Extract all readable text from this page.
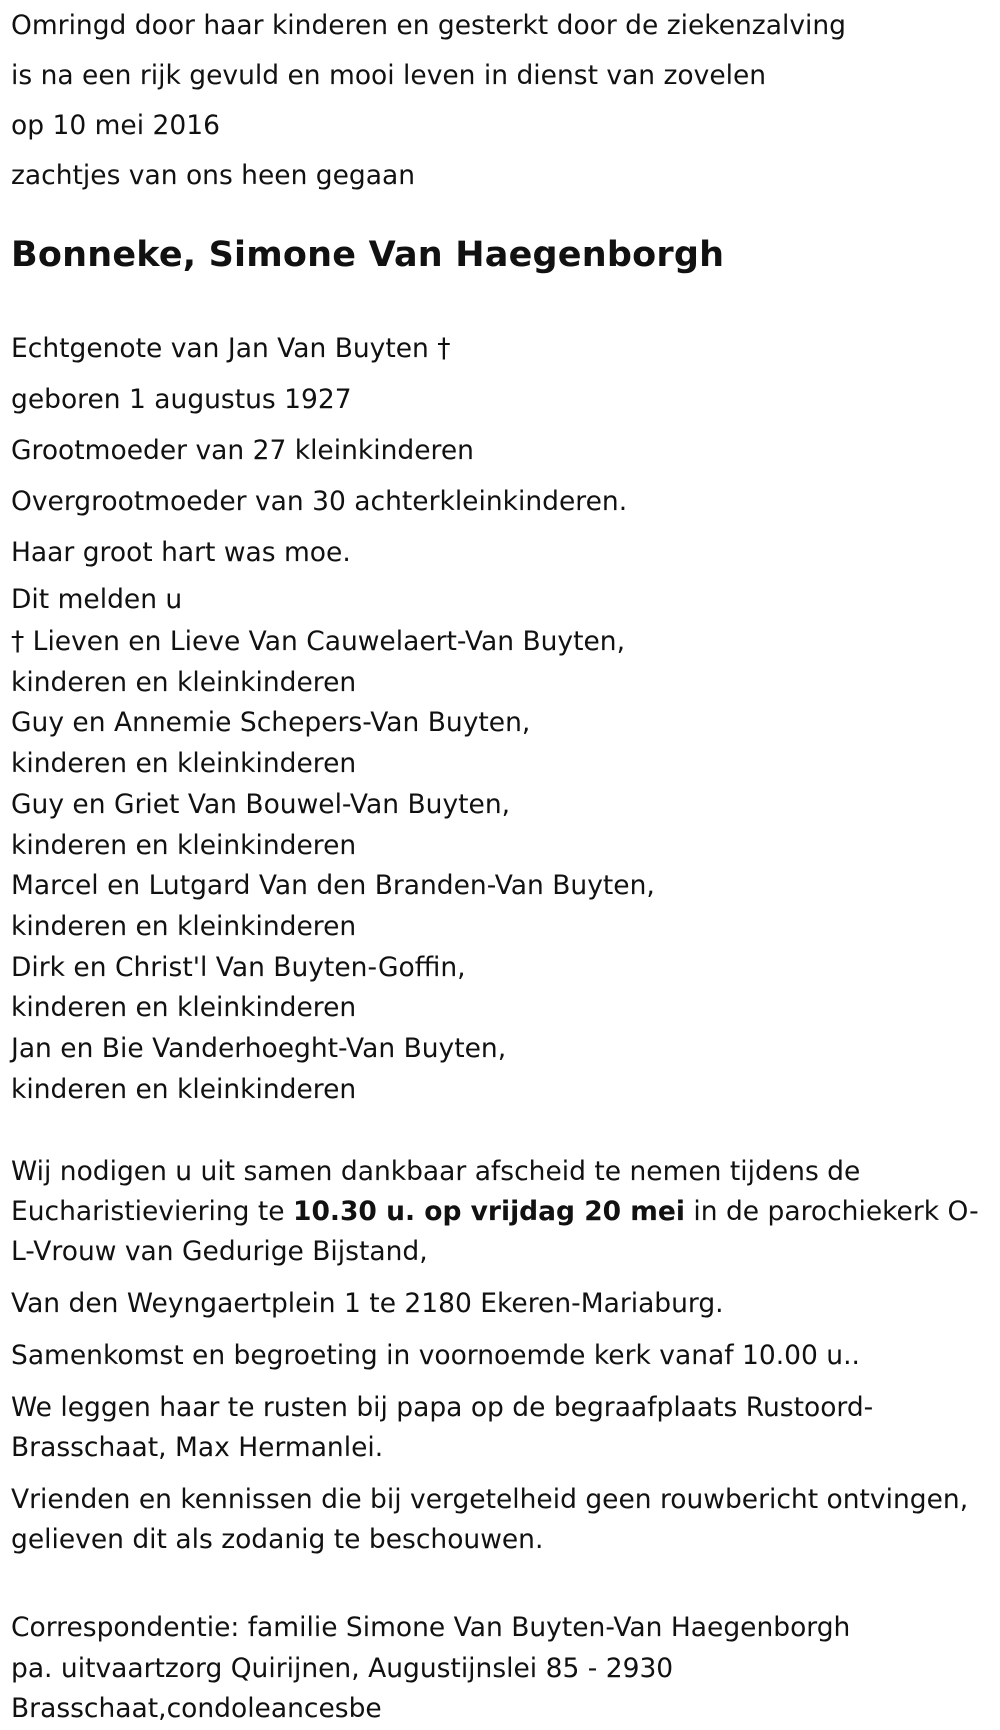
Omringd door haar kinderen en gesterkt door de ziekenzalving
is na een rijk gevuld en mooi leven in dienst van zovelen
op 10 mei 2016
zachtjes van ons heen gegaan
Bonneke, Simone Van Haegenborgh
Echtgenote van Jan Van Buyten †
geboren 1 augustus 1927
Grootmoeder van 27 kleinkinderen
Overgrootmoeder van 30 achterkleinkinderen.
Haar groot hart was moe.
Dit melden u
† Lieven en Lieve Van Cauwelaert-Van Buyten,
kinderen en kleinkinderen
Guy en Annemie Schepers-Van Buyten,
kinderen en kleinkinderen
Guy en Griet Van Bouwel-Van Buyten,
kinderen en kleinkinderen
Marcel en Lutgard Van den Branden-Van Buyten,
kinderen en kleinkinderen
Dirk en Christ'l Van Buyten-Goffin,
kinderen en kleinkinderen
Jan en Bie Vanderhoeght-Van Buyten,
kinderen en kleinkinderen
Wij nodigen u uit samen dankbaar afscheid te nemen tijdens de Eucharistieviering te 10.30 u. op vrijdag 20 mei in de parochiekerk O-L-Vrouw van Gedurige Bijstand,
Van den Weyngaertplein 1 te 2180 Ekeren-Mariaburg.
Samenkomst en begroeting in voornoemde kerk vanaf 10.00 u..
We leggen haar te rusten bij papa op de begraafplaats Rustoord-Brasschaat, Max Hermanlei.
Vrienden en kennissen die bij vergetelheid geen rouwbericht ontvingen, gelieven dit als zodanig te beschouwen.
Correspondentie: familie Simone Van Buyten-Van Haegenborgh
pa. uitvaartzorg Quirijnen, Augustijnslei 85 - 2930
Brasschaat,condoleancesbe
